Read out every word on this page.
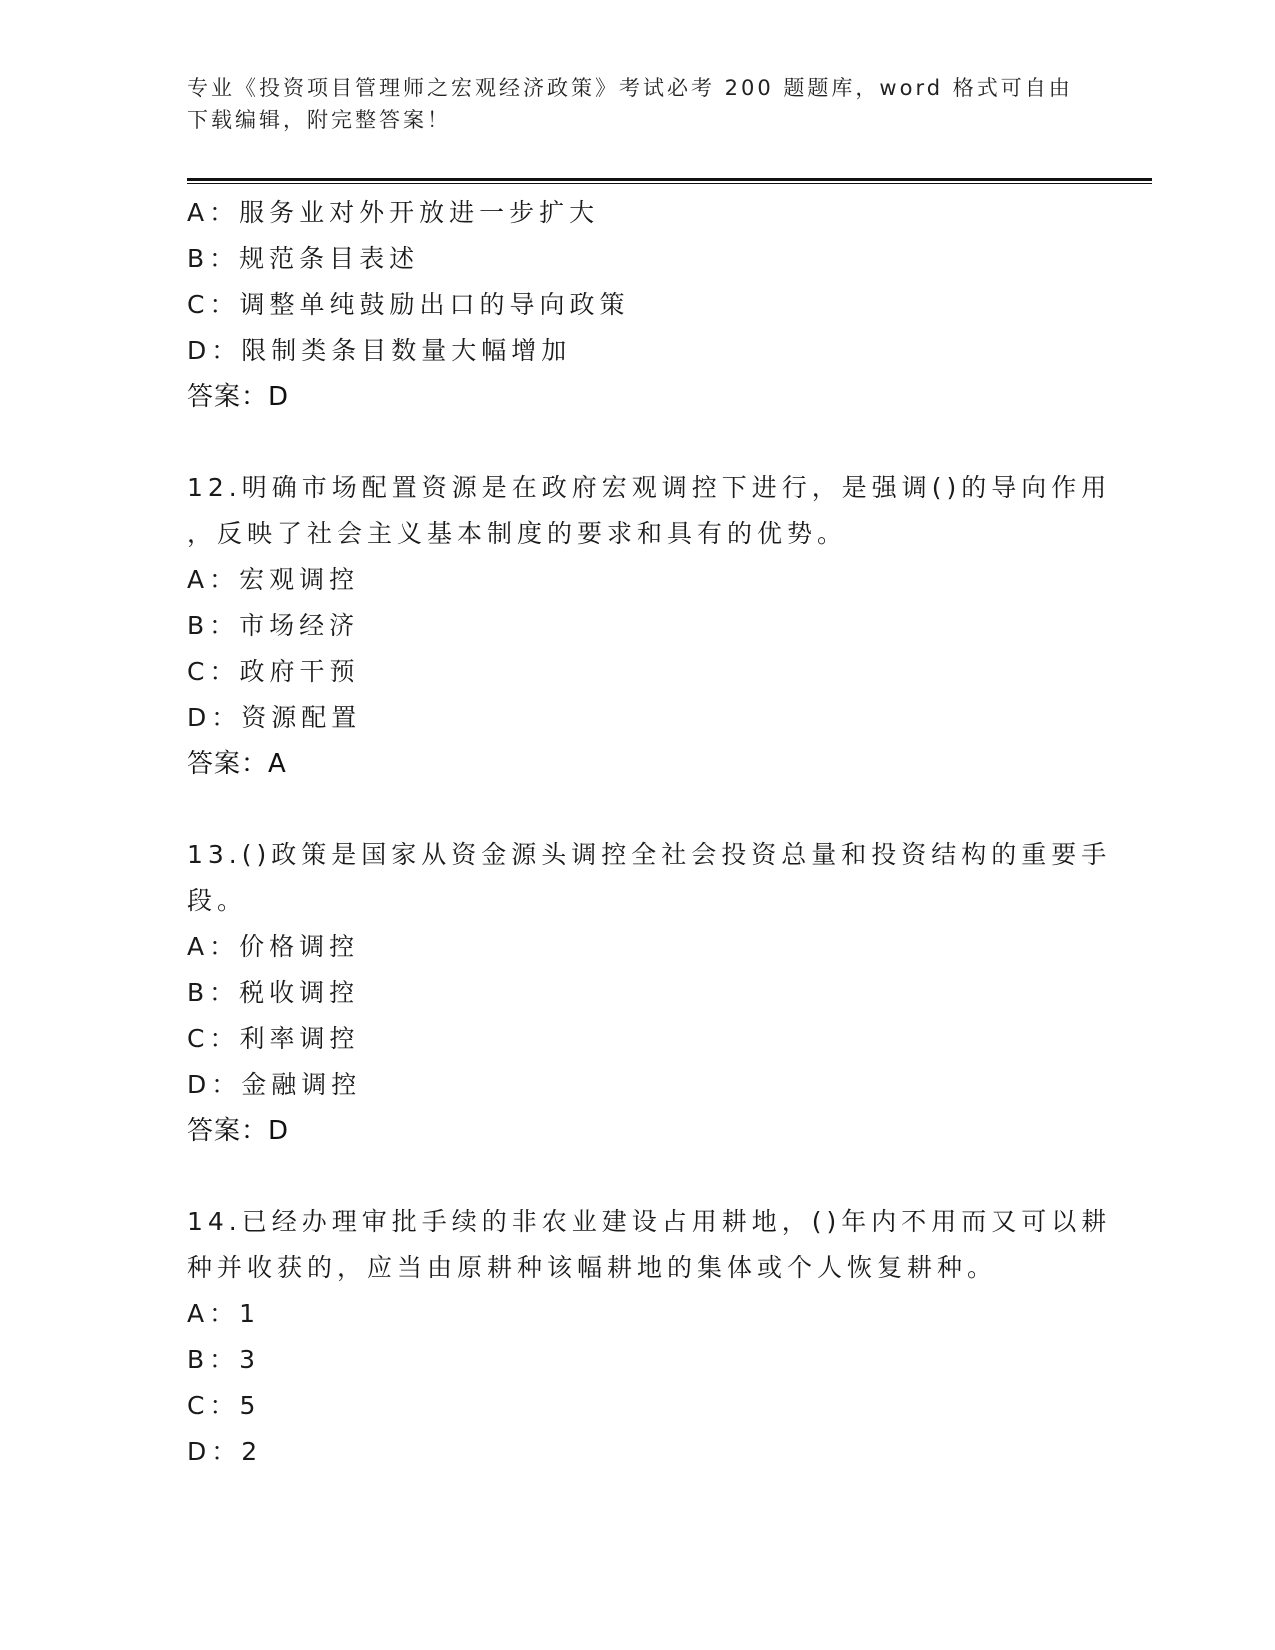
专业《投资项目管理师之宏观经济政策》考试必考 200 题题库，word 格式可自由
下载编辑，附完整答案！
A：服务业对外开放进一步扩大
B：规范条目表述
C：调整单纯鼓励出口的导向政策
D：限制类条目数量大幅增加
答案：D
12.明确市场配置资源是在政府宏观调控下进行，是强调()的导向作用
，反映了社会主义基本制度的要求和具有的优势。
A：宏观调控
B：市场经济
C：政府干预
D：资源配置
答案：A
13.()政策是国家从资金源头调控全社会投资总量和投资结构的重要手
段。
A：价格调控
B：税收调控
C：利率调控
D：金融调控
答案：D
14.已经办理审批手续的非农业建设占用耕地，()年内不用而又可以耕
种并收获的，应当由原耕种该幅耕地的集体或个人恢复耕种。
A：1
B：3
C：5
D：2
